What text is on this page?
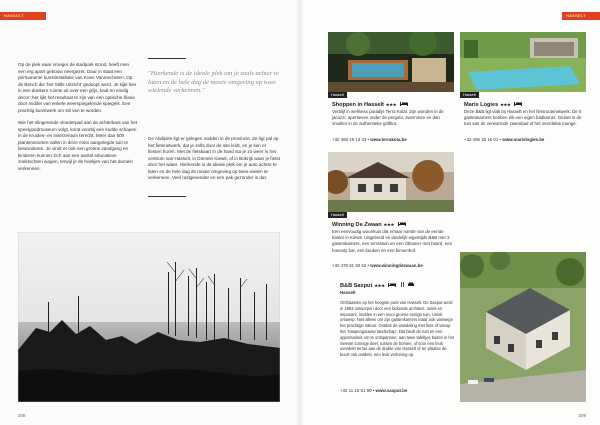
HASSELT

Op de plek waar vroeger de stadpark stond, heeft men een erg apart gebouw neergezet. Daar in staat een permanente kunstinstallatie van Koen Vanmechelen, Op de Bench die 'het Stille Uitzicht' gedoopt werd. Je kijkt hier in een donkere ruimte uit over een grijs, kaal en eindig decor: het lijkt het resultaat te zijn van een optische illusie door middel van enkele weerspiegelende spiegels. Een prachtig kunstwerk om stil van te worden.

Wie het slingerende vlonderpad aan de achterkant van het speelgoedmuseum volgt, komt voorbij een kudde schapen in de kruiden- en insectentuin terecht. Meer dan 500 plantensoorten vallen in deze mooi aangelegde tuin te bewonderen. Je vindt er ook een groene zandgang en kinderen kunnen zich aan een aantal educatieve zoektochten wagen, terwijl je de hoekjes van het domein verkennen.

"Hierkende is de ideale plek om je zoals achter te laten en de hele dag de mooie omgeving op twee wielende verkennen."

De Abdijsite ligt er gelegen midden in de provincie. Ze ligt pal op het fietsnetwerk, dat je zelfs door de site leidt, en je kan er fietsen huren. Met de fietskaart in de hand sta je zo weer in het centrum van Hasselt, in Domein Kiewit, of in Bokrijk waar je fietst door het water. Hierkende is de ideale plek om je auto achter te laten en de hele dag de mooie omgeving op twee wielen te verkennen. Veel rustgevender en een pak gezonder is dat.

208
HASSELT
Hasselt	Hasselt
Shoppen in Hasselt ★★★
Verblijf in wellness paradijs Terra Kotal. Zijn wonden in de jacuzzi, apertieven onder de pergola, zwemmen en dan smullen in de authentieke grillhut.
+32 468 19 13 33 • www.terrakota.be
Maris Logies ★★★
Deze B&B ligt vlak bij Hasselt en het fietsroutenetwerk. De 5 gastenkamers hebben elk een eigen badkamer. Geniet in de tuin van de verwarmde zwembad of het overdekte lounge.
+32 496 33 15 01 • www.marislogies.be
Hasselt
Winning De Zwaan ★★★
Een eenvoudig woonhuis dat ernaar ruimte van de eerste kamer in Kiewit. Uitgebreid en landelijk eigentijds B&B met 3 gastenkamers, een terrastuin en een zitkamer met haard, een honesty bar, een keuken en een binnenhof.
+32 478 91 50 62 • www.winningdezwaan.be
B&B Saxput ★★★
Hasselt
Onthaasten op het hoogste punt van Hasselt. De Saxput werd in 1993 ontworpen door een bekende architect, uniek en imposant, midden in een mooi groene rustige tuin. Uniek ontwerp. Niet alleen om zijn gastenkamers maar ook vanwege het prachtige natuur. Ontdek de wandeling met fiets of vanop het 'Haspengouwse landschap'. Dat biedt de rust en een opportuniteit om te ontspannen: aan twee tafeltjes buiten in het meeste zonnige deel, tussen de bomen, of voor een leuk overdekt terras aan de drukte van Hasselt of ter plaatse de buurt ook ontdekt, een leuk vertoning op.
+32 11 18 91 99 • www.saxput.be
209
